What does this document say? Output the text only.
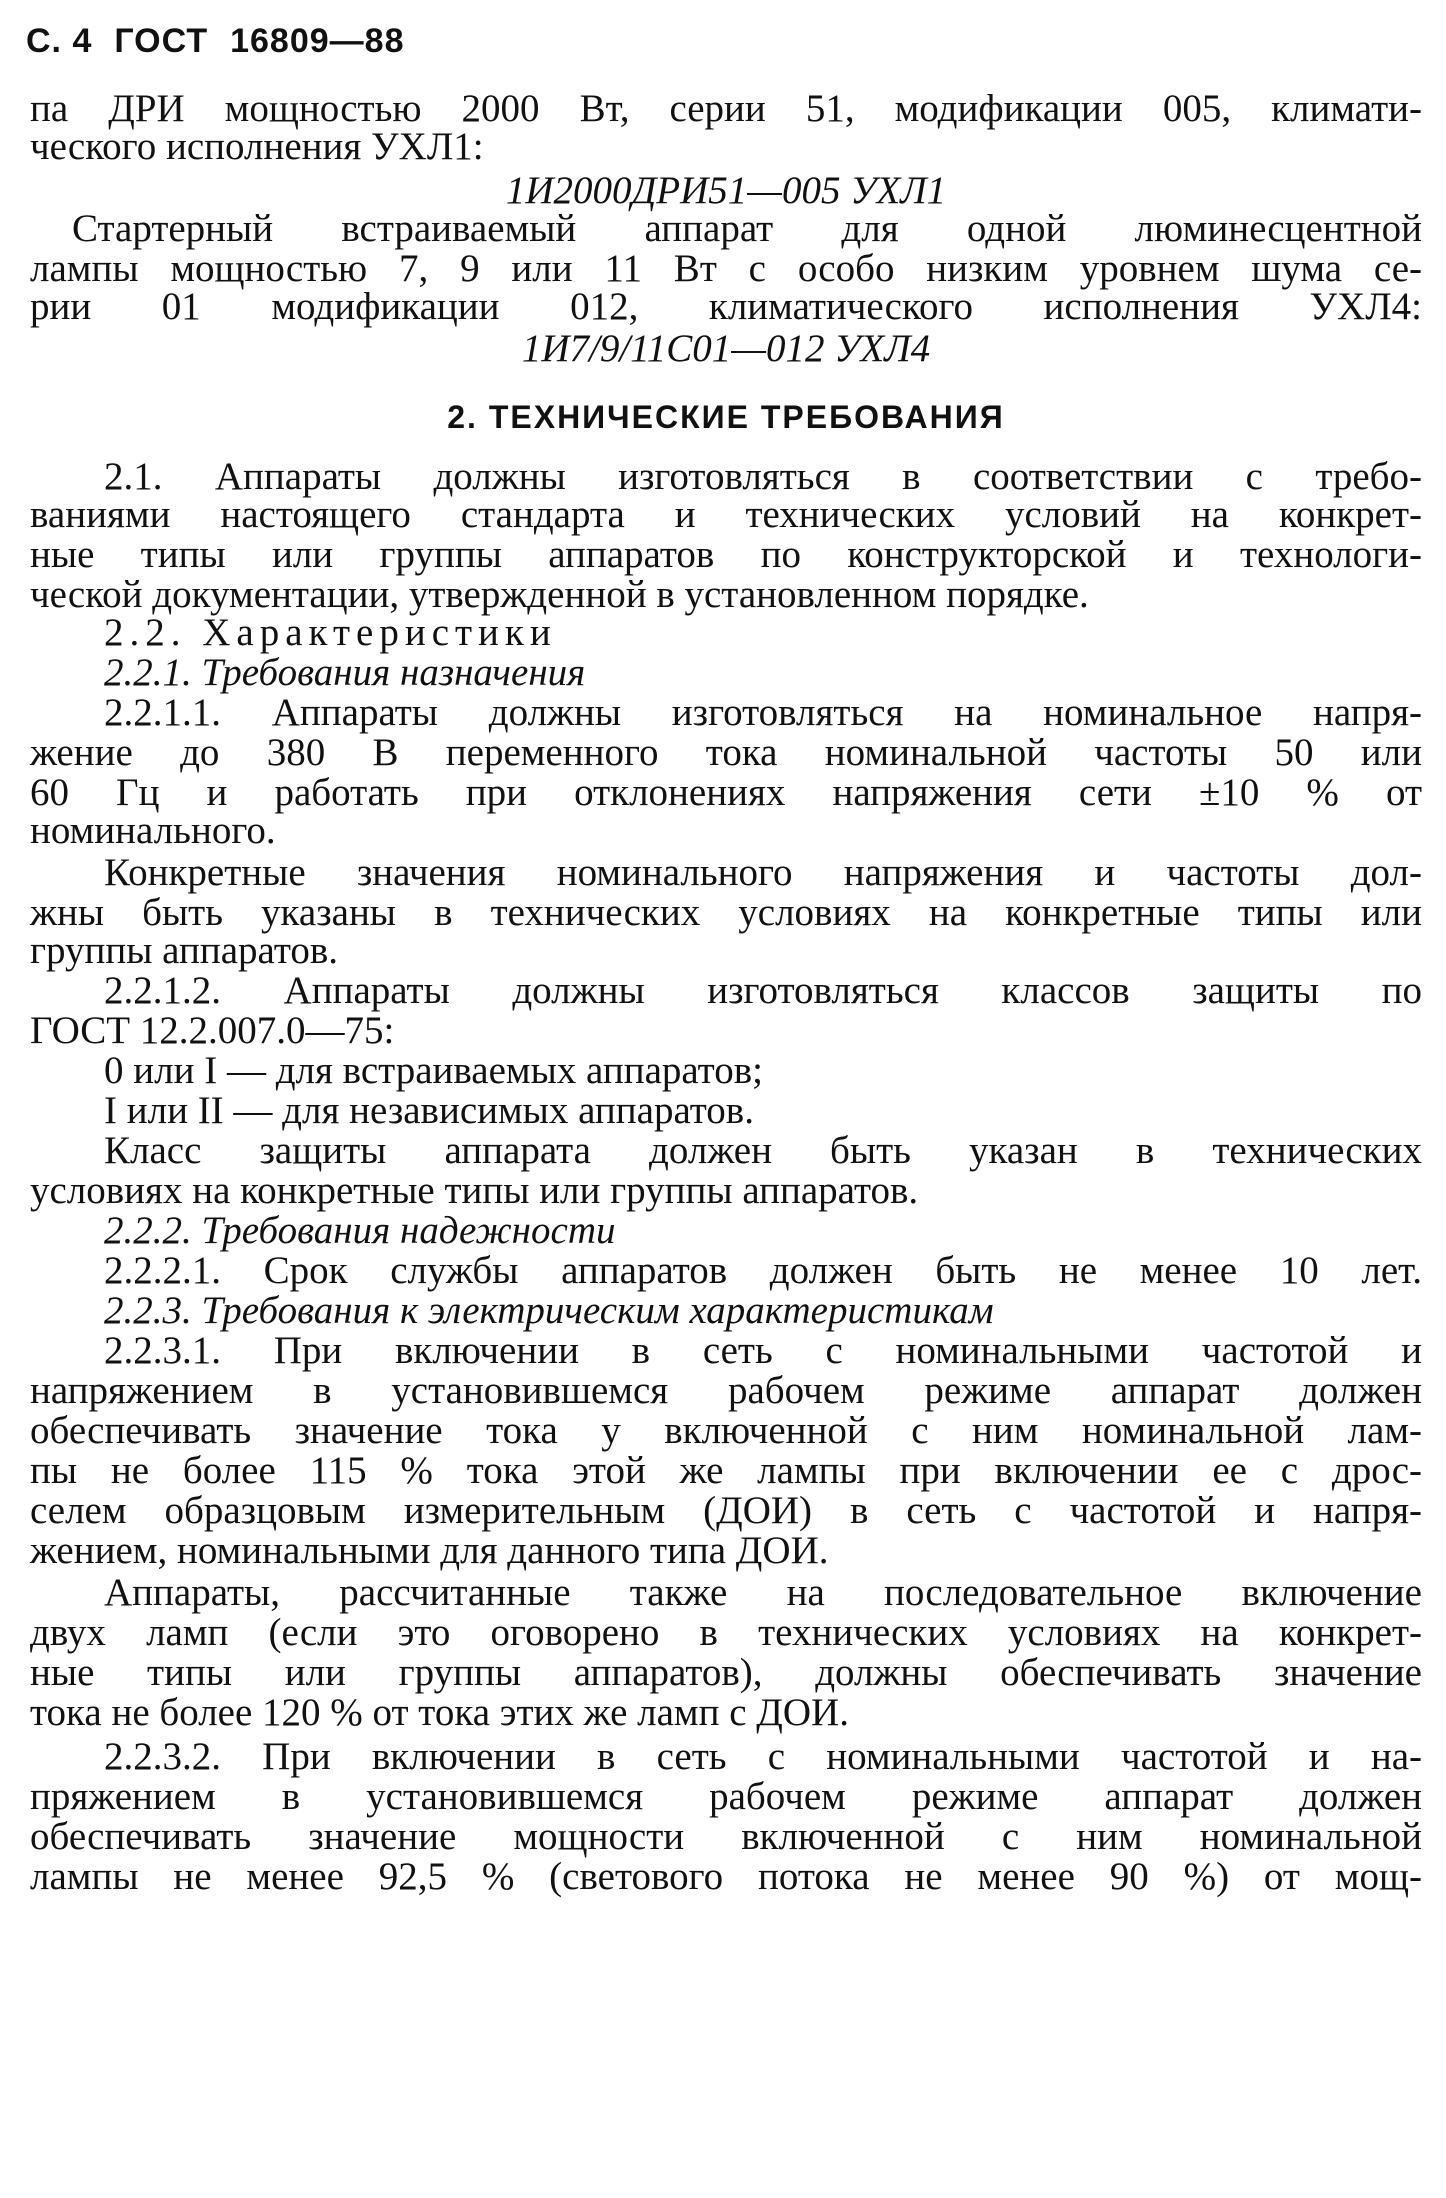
С. 4 ГОСТ 16809—88
па ДРИ мощностью 2000 Вт, серии 51, модификации 005, климати-
ческого исполнения УХЛ1:
1И2000ДРИ51—005 УХЛ1
Стартерный встраиваемый аппарат для одной люминесцентной
лампы мощностью 7, 9 или 11 Вт с особо низким уровнем шума се-
рии 01 модификации 012, климатического исполнения УХЛ4:
1И7/9/11С01—012 УХЛ4
2. ТЕХНИЧЕСКИЕ ТРЕБОВАНИЯ
2.1. Аппараты должны изготовляться в соответствии с требо-
ваниями настоящего стандарта и технических условий на конкрет-
ные типы или группы аппаратов по конструкторской и технологи-
ческой документации, утвержденной в установленном порядке.
2.2. Характеристики
2.2.1. Требования назначения
2.2.1.1. Аппараты должны изготовляться на номинальное напря-
жение до 380 В переменного тока номинальной частоты 50 или
60 Гц и работать при отклонениях напряжения сети ±10 % от
номинального.
Конкретные значения номинального напряжения и частоты дол-
жны быть указаны в технических условиях на конкретные типы или
группы аппаратов.
2.2.1.2. Аппараты должны изготовляться классов защиты по
ГОСТ 12.2.007.0—75:
0 или I — для встраиваемых аппаратов;
I или II — для независимых аппаратов.
Класс защиты аппарата должен быть указан в технических
условиях на конкретные типы или группы аппаратов.
2.2.2. Требования надежности
2.2.2.1. Срок службы аппаратов должен быть не менее 10 лет.
2.2.3. Требования к электрическим характеристикам
2.2.3.1. При включении в сеть с номинальными частотой и
напряжением в установившемся рабочем режиме аппарат должен
обеспечивать значение тока у включенной с ним номинальной лам-
пы не более 115 % тока этой же лампы при включении ее с дрос-
селем образцовым измерительным (ДОИ) в сеть с частотой и напря-
жением, номинальными для данного типа ДОИ.
Аппараты, рассчитанные также на последовательное включение
двух ламп (если это оговорено в технических условиях на конкрет-
ные типы или группы аппаратов), должны обеспечивать значение
тока не более 120 % от тока этих же ламп с ДОИ.
2.2.3.2. При включении в сеть с номинальными частотой и на-
пряжением в установившемся рабочем режиме аппарат должен
обеспечивать значение мощности включенной с ним номинальной
лампы не менее 92,5 % (светового потока не менее 90 %) от мощ-
